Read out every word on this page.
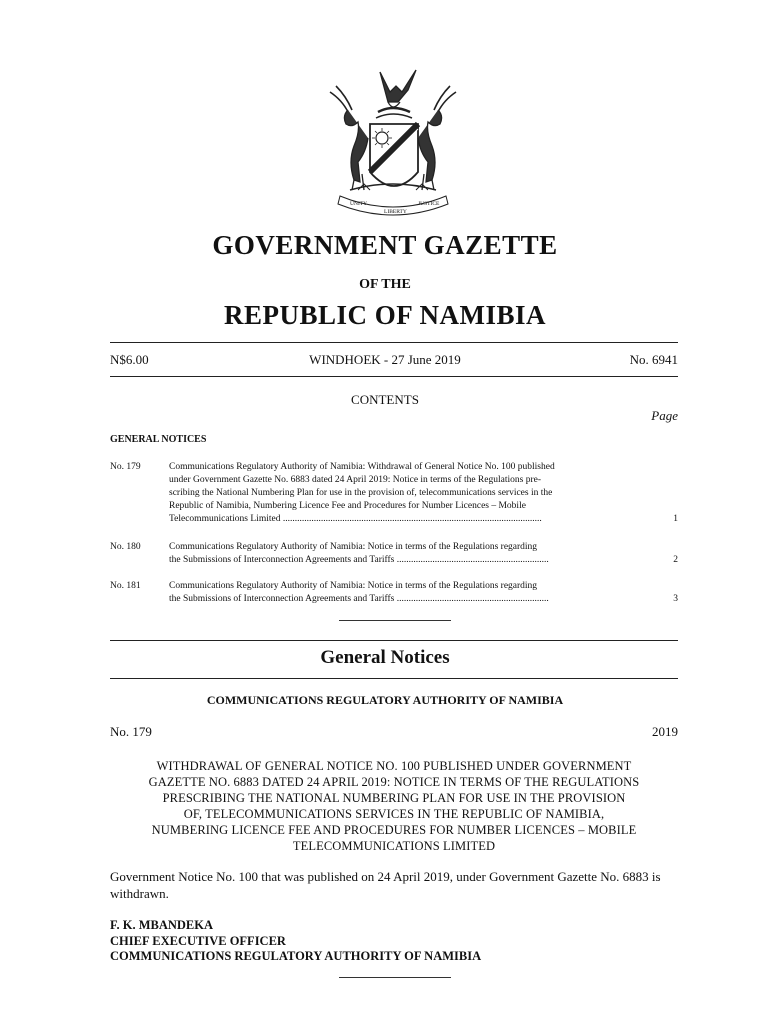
UNITY
LIBERTY
JUSTICE
GOVERNMENT GAZETTE
OF THE
REPUBLIC OF NAMIBIA
N$6.00	WINDHOEK - 27 June 2019	No. 6941
CONTENTS
Page
GENERAL NOTICES
No. 179	Communications Regulatory Authority of Namibia: Withdrawal of General Notice No. 100 published
under Government Gazette No. 6883 dated 24 April 2019: Notice in terms of the Regulations pre-
scribing the National Numbering Plan for use in the provision of, telecommunications services in the
Republic of Namibia, Numbering Licence Fee and Procedures for Number Licences – Mobile
Telecommunications Limited .............................................................................................................	1
No. 180	Communications Regulatory Authority of Namibia: Notice in terms of the Regulations regarding
the Submissions of Interconnection Agreements and Tariffs ................................................................	2
No. 181	Communications Regulatory Authority of Namibia: Notice in terms of the Regulations regarding
the Submissions of Interconnection Agreements and Tariffs ................................................................	3
General Notices
COMMUNICATIONS REGULATORY AUTHORITY OF NAMIBIA
No. 179	2019
WITHDRAWAL OF GENERAL NOTICE NO. 100 PUBLISHED UNDER GOVERNMENT
GAZETTE NO. 6883 DATED 24 APRIL 2019: NOTICE IN TERMS OF THE REGULATIONS
PRESCRIBING THE NATIONAL NUMBERING PLAN FOR USE IN THE PROVISION
OF, TELECOMMUNICATIONS SERVICES IN THE REPUBLIC OF NAMIBIA,
NUMBERING LICENCE FEE AND PROCEDURES FOR NUMBER LICENCES – MOBILE
TELECOMMUNICATIONS LIMITED
Government Notice No. 100 that was published on 24 April 2019, under Government Gazette No. 6883 is withdrawn.
F. K. MBANDEKA
CHIEF EXECUTIVE OFFICER
COMMUNICATIONS REGULATORY AUTHORITY OF NAMIBIA
